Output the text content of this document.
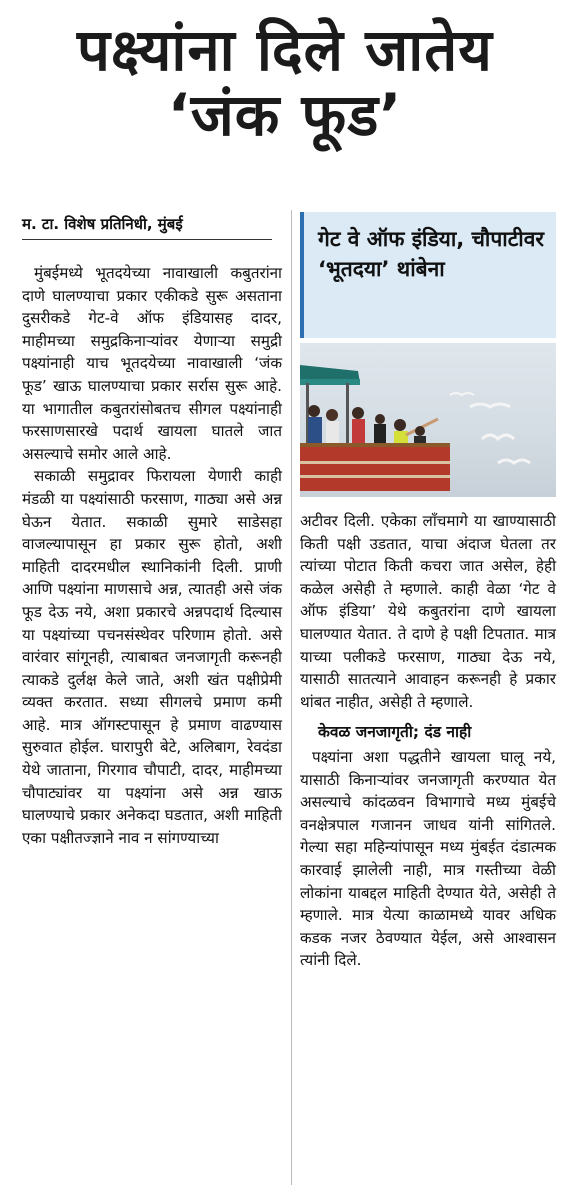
पक्ष्यांना दिले जातेय
‘जंक फूड’
म. टा. विशेष प्रतिनिधी, मुंबई

मुंबईमध्ये भूतदयेच्या नावाखाली कबुतरांना दाणे घालण्याचा प्रकार एकीकडे सुरू असताना दुसरीकडे गेट-वे ऑफ इंडियासह दादर, माहीमच्या समुद्रकिनाऱ्यांवर येणाऱ्या समुद्री पक्ष्यांनाही याच भूतदयेच्या नावाखाली ‘जंक फूड’ खाऊ घालण्याचा प्रकार सर्रास सुरू आहे. या भागातील कबुतरांसोबतच सीगल पक्ष्यांनाही फरसाणसारखे पदार्थ खायला घातले जात असल्याचे समोर आले आहे.

सकाळी समुद्रावर फिरायला येणारी काही मंडळी या पक्ष्यांसाठी फरसाण, गाठ्या असे अन्न घेऊन येतात. सकाळी सुमारे साडेसहा वाजल्यापासून हा प्रकार सुरू होतो, अशी माहिती दादरमधील स्थानिकांनी दिली. प्राणी आणि पक्ष्यांना माणसाचे अन्न, त्यातही असे जंक फूड देऊ नये, अशा प्रकारचे अन्नपदार्थ दिल्यास या पक्ष्यांच्या पचनसंस्थेवर परिणाम होतो. असे वारंवार सांगूनही, त्याबाबत जनजागृती करूनही त्याकडे दुर्लक्ष केले जाते, अशी खंत पक्षीप्रेमी व्यक्त करतात. सध्या सीगलचे प्रमाण कमी आहे. मात्र ऑगस्टपासून हे प्रमाण वाढण्यास सुरुवात होईल. घारापुरी बेटे, अलिबाग, रेवदंडा येथे जाताना, गिरगाव चौपाटी, दादर, माहीमच्या चौपाट्यांवर या पक्ष्यांना असे अन्न खाऊ घालण्याचे प्रकार अनेकदा घडतात, अशी माहिती एका पक्षीतज्ज्ञाने नाव न सांगण्याच्या

गेट वे ऑफ इंडिया, चौपाटीवर ‘भूतदया’ थांबेना

अटीवर दिली. एकेका लाँचमागे या खाण्यासाठी किती पक्षी उडतात, याचा अंदाज घेतला तर त्यांच्या पोटात किती कचरा जात असेल, हेही कळेल असेही ते म्हणाले. काही वेळा ‘गेट वे ऑफ इंडिया’ येथे कबुतरांना दाणे खायला घालण्यात येतात. ते दाणे हे पक्षी टिपतात. मात्र याच्या पलीकडे फरसाण, गाठ्या देऊ नये, यासाठी सातत्याने आवाहन करूनही हे प्रकार थांबत नाहीत, असेही ते म्हणाले.

केवळ जनजागृती; दंड नाही

पक्ष्यांना अशा पद्धतीने खायला घालू नये, यासाठी किनाऱ्यांवर जनजागृती करण्यात येत असल्याचे कांदळवन विभागाचे मध्य मुंबईचे वनक्षेत्रपाल गजानन जाधव यांनी सांगितले. गेल्या सहा महिन्यांपासून मध्य मुंबईत दंडात्मक कारवाई झालेली नाही, मात्र गस्तीच्या वेळी लोकांना याबद्दल माहिती देण्यात येते, असेही ते म्हणाले. मात्र येत्या काळामध्ये यावर अधिक कडक नजर ठेवण्यात येईल, असे आश्वासन त्यांनी दिले.
